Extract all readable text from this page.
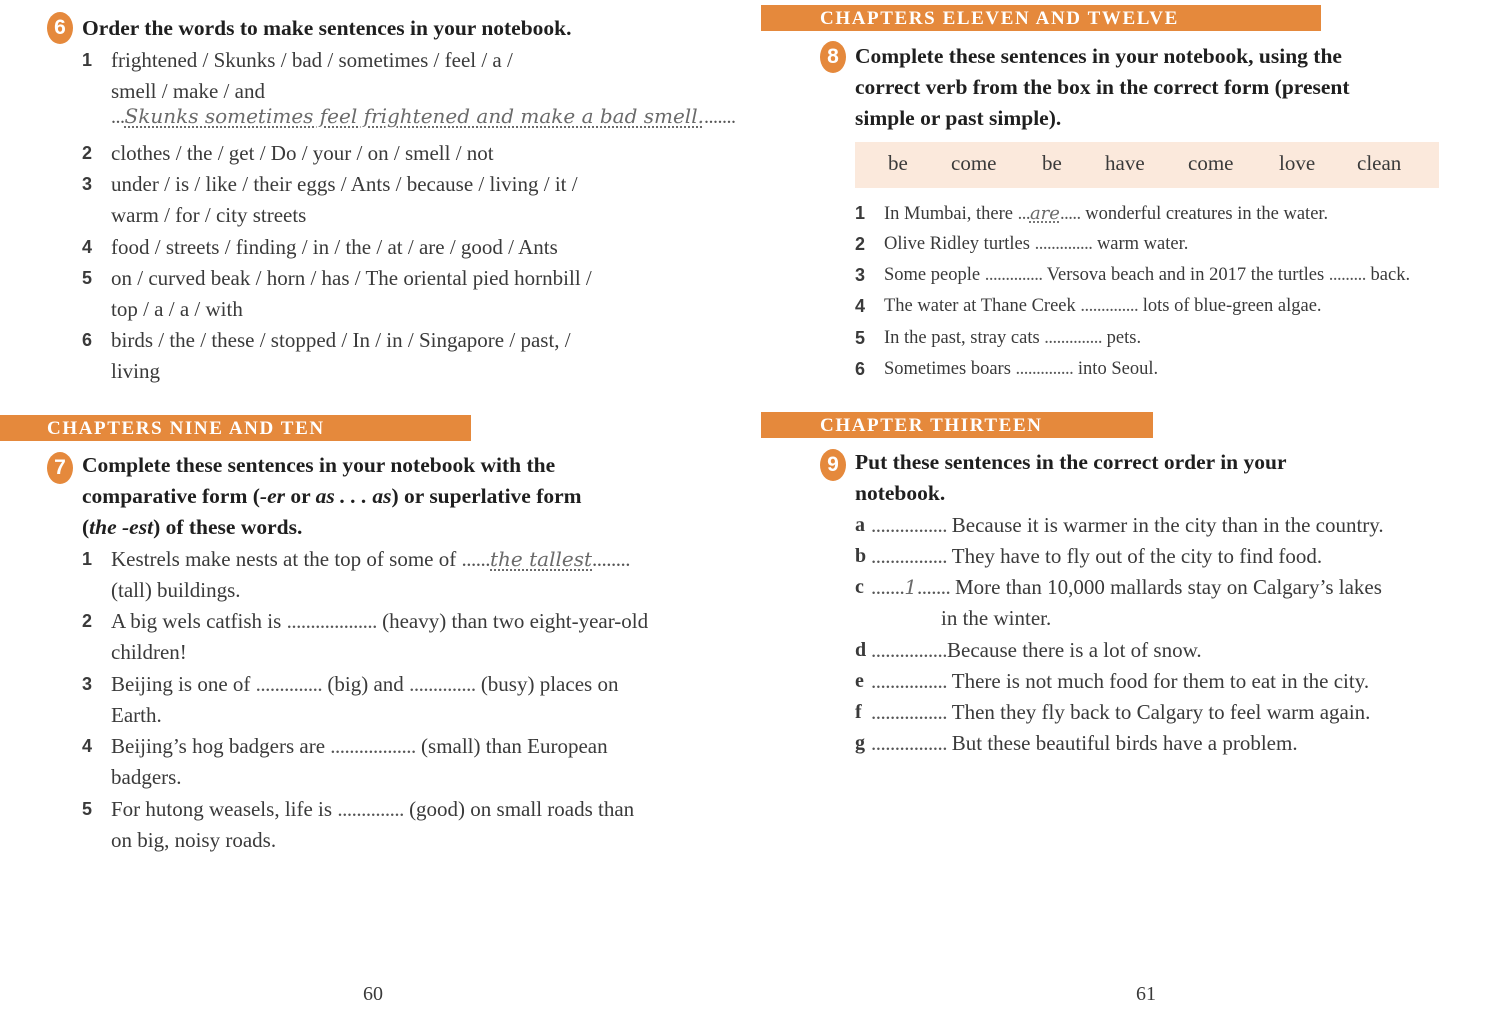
6 Order the words to make sentences in your notebook.

1 frightened / Skunks / bad / sometimes / feel / a /
smell / make / and
...Skunks sometimes feel frightened and make a bad smell........
2 clothes / the / get / Do / your / on / smell / not
3 under / is / like / their eggs / Ants / because / living / it /
warm / for / city streets
4 food / streets / finding / in / the / at / are / good / Ants
5 on / curved beak / horn / has / The oriental pied hornbill /
top / a / a / with
6 birds / the / these / stopped / In / in / Singapore / past, /
living
CHAPTERS NINE AND TEN
7 Complete these sentences in your notebook with the

comparative form (-er or as . . . as) or superlative form

(the -est) of these words.

1 Kestrels make nests at the top of some of ......the tallest........
(tall) buildings.
2 A big wels catfish is ................... (heavy) than two eight-year-old
children!
3 Beijing is one of .............. (big) and .............. (busy) places on
Earth.
4 Beijing’s hog badgers are .................. (small) than European
badgers.
5 For hutong weasels, life is .............. (good) on small roads than
on big, noisy roads.
60
CHAPTERS ELEVEN AND TWELVE
8 Complete these sentences in your notebook, using the

correct verb from the box in the correct form (present

simple or past simple).

be come be have come love clean
1 In Mumbai, there ...are..... wonderful creatures in the water.
2 Olive Ridley turtles .............. warm water.
3 Some people .............. Versova beach and in 2017 the turtles ......... back.
4 The water at Thane Creek .............. lots of blue-green algae.
5 In the past, stray cats .............. pets.
6 Sometimes boars .............. into Seoul.
CHAPTER THIRTEEN
9 Put these sentences in the correct order in your

notebook.

a ................ Because it is warmer in the city than in the country.
b ................ They have to fly out of the city to find food.
c .......1....... More than 10,000 mallards stay on Calgary’s lakes
in the winter.
d ................Because there is a lot of snow.
e ................ There is not much food for them to eat in the city.
f ................ Then they fly back to Calgary to feel warm again.
g ................ But these beautiful birds have a problem.
61
